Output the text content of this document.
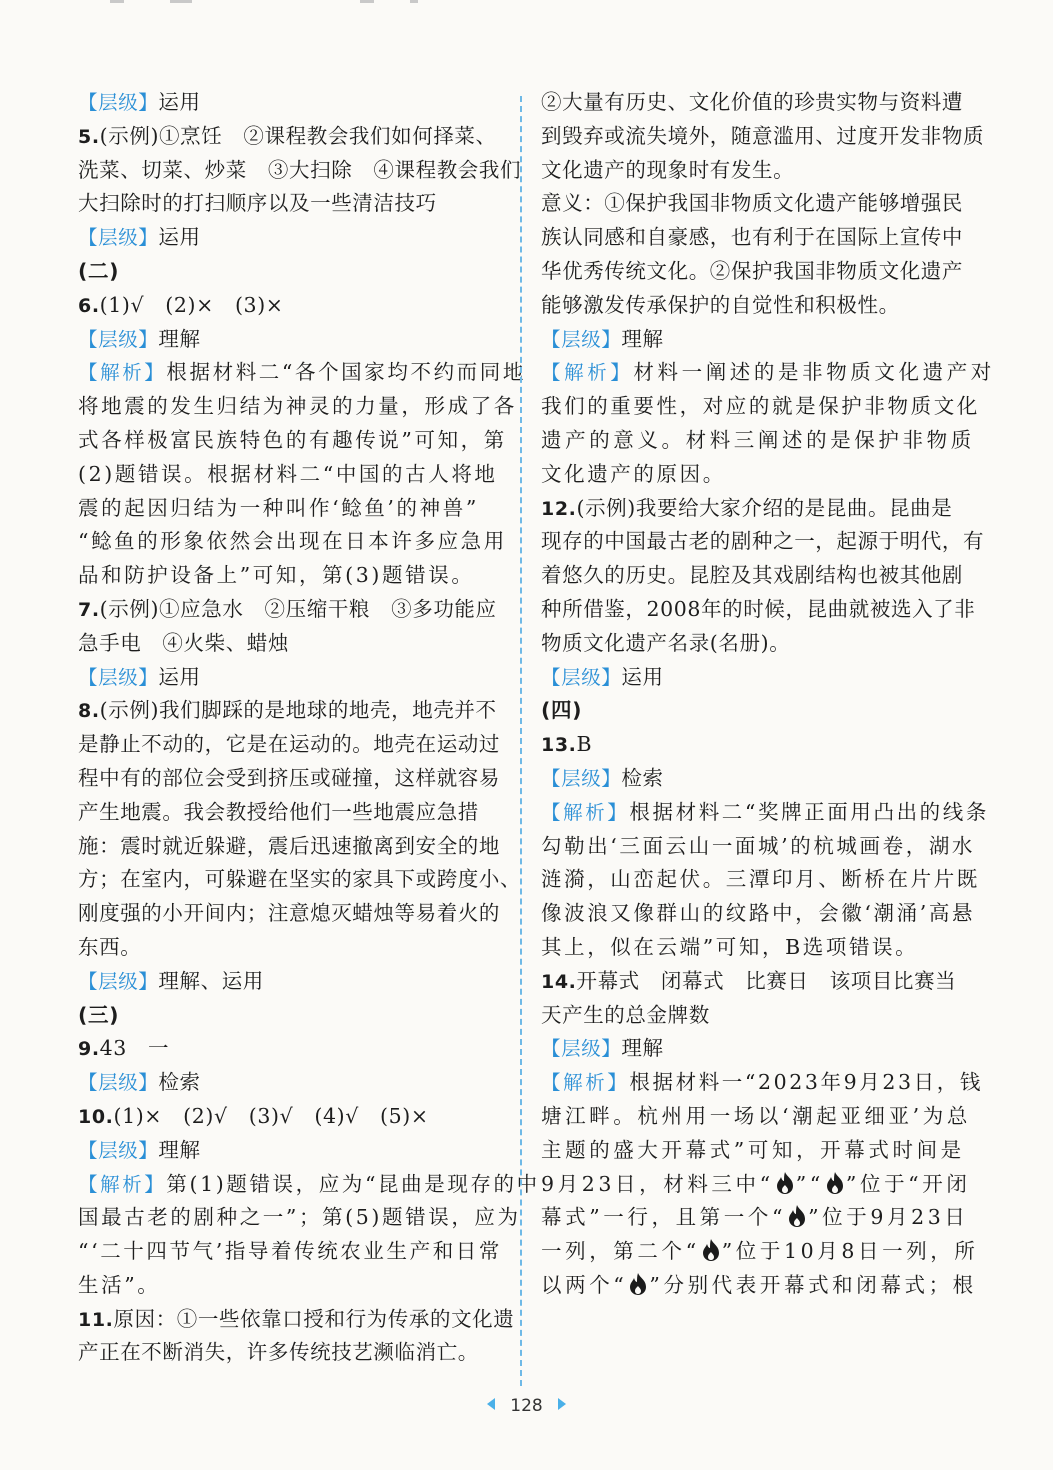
【层级】运用
5.(示例)①烹饪　②课程教会我们如何择菜、
洗菜、切菜、炒菜　③大扫除　④课程教会我们
大扫除时的打扫顺序以及一些清洁技巧
【层级】运用
(二)
6.(1)√　(2)×　(3)×
【层级】理解
【解析】根据材料二“各个国家均不约而同地
将地震的发生归结为神灵的力量，形成了各
式各样极富民族特色的有趣传说”可知，第
(2)题错误。根据材料二“中国的古人将地
震的起因归结为一种叫作‘鲶鱼’的神兽”
“鲶鱼的形象依然会出现在日本许多应急用
品和防护设备上”可知，第(3)题错误。
7.(示例)①应急水　②压缩干粮　③多功能应
急手电　④火柴、蜡烛
【层级】运用
8.(示例)我们脚踩的是地球的地壳，地壳并不
是静止不动的，它是在运动的。地壳在运动过
程中有的部位会受到挤压或碰撞，这样就容易
产生地震。我会教授给他们一些地震应急措
施：震时就近躲避，震后迅速撤离到安全的地
方；在室内，可躲避在坚实的家具下或跨度小、
刚度强的小开间内；注意熄灭蜡烛等易着火的
东西。
【层级】理解、运用
(三)
9.43　一
【层级】检索
10.(1)×　(2)√　(3)√　(4)√　(5)×
【层级】理解
【解析】第(1)题错误，应为“昆曲是现存的中
国最古老的剧种之一”；第(5)题错误，应为
“‘二十四节气’指导着传统农业生产和日常
生活”。
11.原因：①一些依靠口授和行为传承的文化遗
产正在不断消失，许多传统技艺濒临消亡。
②大量有历史、文化价值的珍贵实物与资料遭
到毁弃或流失境外，随意滥用、过度开发非物质
文化遗产的现象时有发生。
意义：①保护我国非物质文化遗产能够增强民
族认同感和自豪感，也有利于在国际上宣传中
华优秀传统文化。②保护我国非物质文化遗产
能够激发传承保护的自觉性和积极性。
【层级】理解
【解析】材料一阐述的是非物质文化遗产对
我们的重要性，对应的就是保护非物质文化
遗产的意义。材料三阐述的是保护非物质
文化遗产的原因。
12.(示例)我要给大家介绍的是昆曲。昆曲是
现存的中国最古老的剧种之一，起源于明代，有
着悠久的历史。昆腔及其戏剧结构也被其他剧
种所借鉴，2008年的时候，昆曲就被选入了非
物质文化遗产名录(名册)。
【层级】运用
(四)
13.B
【层级】检索
【解析】根据材料二“奖牌正面用凸出的线条
勾勒出‘三面云山一面城’的杭城画卷，湖水
涟漪，山峦起伏。三潭印月、断桥在片片既
像波浪又像群山的纹路中，会徽‘潮涌’高悬
其上，似在云端”可知，B选项错误。
14.开幕式　闭幕式　比赛日　该项目比赛当
天产生的总金牌数
【层级】理解
【解析】根据材料一“2023年9月23日，钱
塘江畔。杭州用一场以‘潮起亚细亚’为总
主题的盛大开幕式”可知，开幕式时间是
9月23日，材料三中“ ”“ ”位于“开闭
幕式”一行，且第一个“ ”位于9月23日
一列，第二个“ ”位于10月8日一列，所
以两个“ ”分别代表开幕式和闭幕式；根
128
